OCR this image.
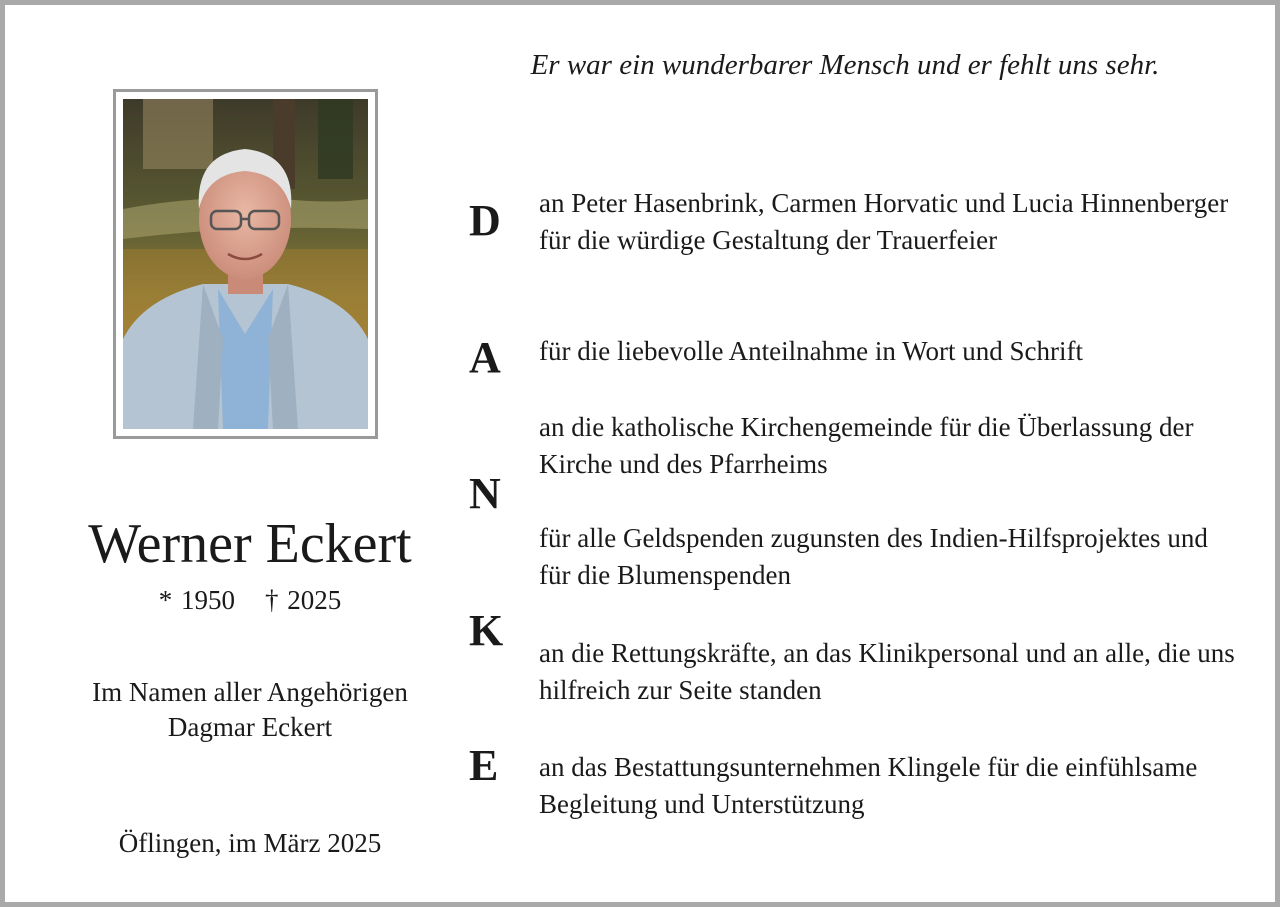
Er war ein wunderbarer Mensch und er fehlt uns sehr.
Werner Eckert
* 1950 † 2025
Im Namen aller Angehörigen
Dagmar Eckert
Öflingen, im März 2025
D
A
N
K
E
an Peter Hasenbrink, Carmen Horvatic und Lucia Hinnenberger für die würdige Gestaltung der Trauerfeier
für die liebevolle Anteilnahme in Wort und Schrift
an die katholische Kirchengemeinde für die Überlassung der Kirche und des Pfarrheims
für alle Geldspenden zugunsten des Indien-Hilfsprojektes und für die Blumenspenden
an die Rettungskräfte, an das Klinikpersonal und an alle, die uns hilfreich zur Seite standen
an das Bestattungsunternehmen Klingele für die einfühlsame Begleitung und Unterstützung
